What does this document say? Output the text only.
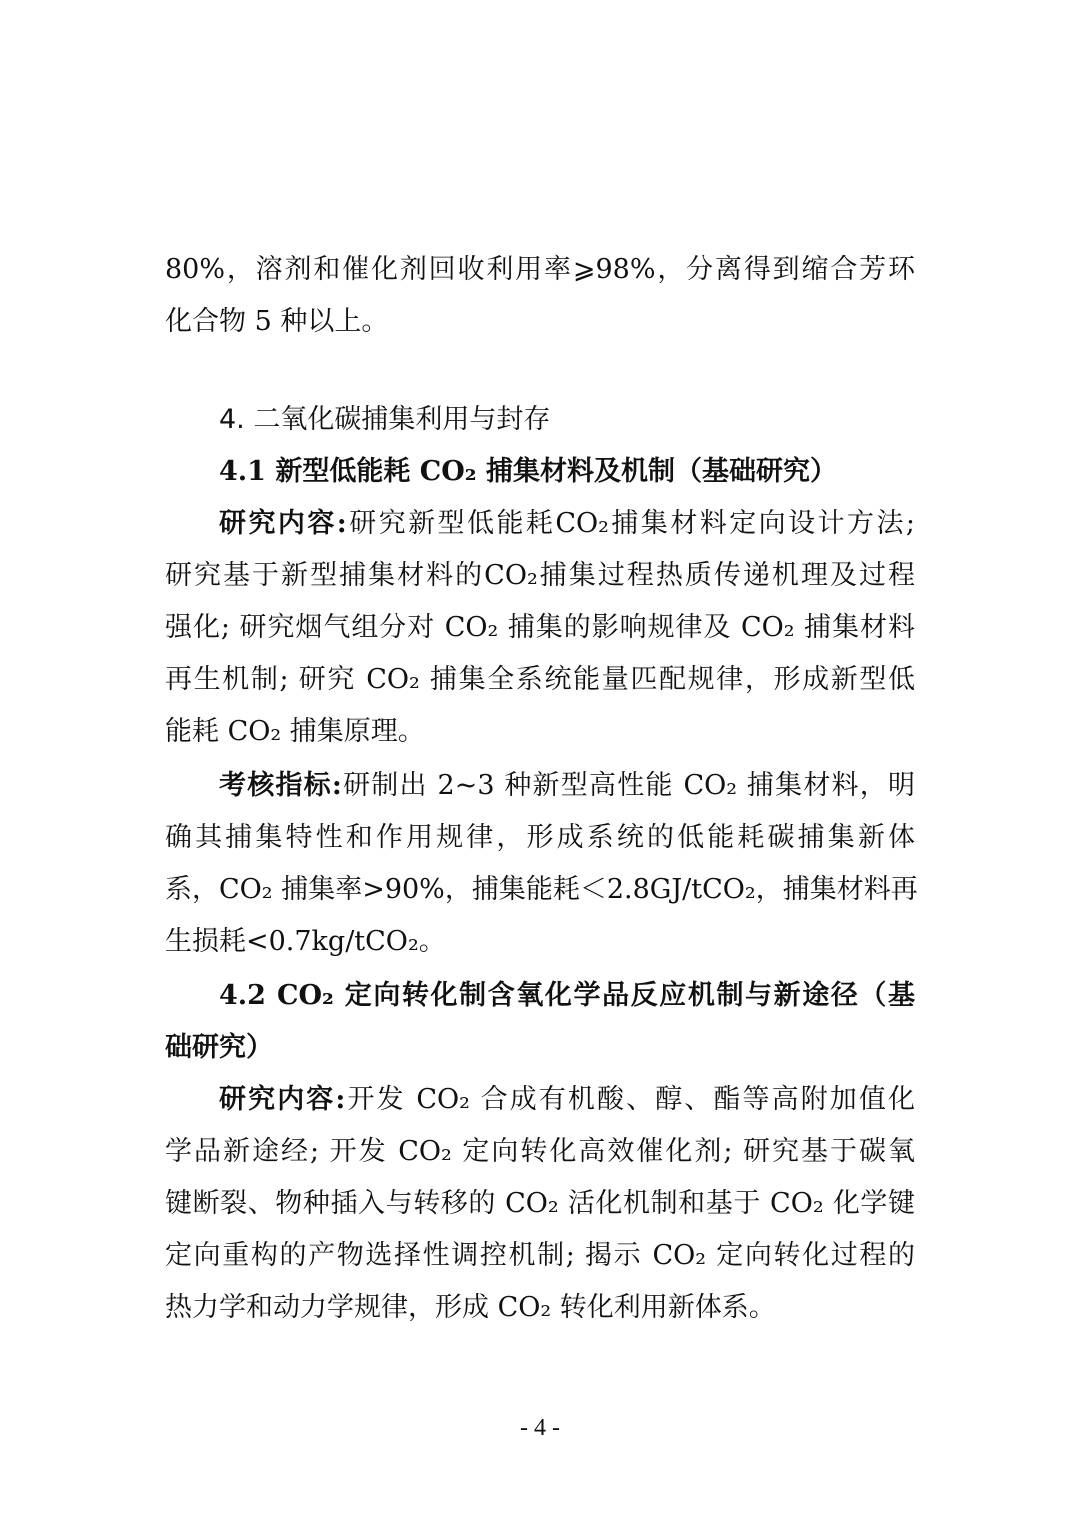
80%，溶剂和催化剂回收利用率⩾98%，分离得到缩合芳环
化合物 5 种以上。
4. 二氧化碳捕集利用与封存
4.1 新型低能耗 CO₂ 捕集材料及机制（基础研究）
研究内容:研究新型低能耗CO₂捕集材料定向设计方法;
研究基于新型捕集材料的CO₂捕集过程热质传递机理及过程
强化; 研究烟气组分对 CO₂ 捕集的影响规律及 CO₂ 捕集材料
再生机制; 研究 CO₂ 捕集全系统能量匹配规律，形成新型低
能耗 CO₂ 捕集原理。
考核指标:研制出 2~3 种新型高性能 CO₂ 捕集材料，明
确其捕集特性和作用规律，形成系统的低能耗碳捕集新体
系，CO₂ 捕集率>90%，捕集能耗＜2.8GJ/tCO₂，捕集材料再
生损耗<0.7kg/tCO₂。
4.2 CO₂ 定向转化制含氧化学品反应机制与新途径（基
础研究）
研究内容:开发 CO₂ 合成有机酸、醇、酯等高附加值化
学品新途经; 开发 CO₂ 定向转化高效催化剂; 研究基于碳氧
键断裂、物种插入与转移的 CO₂ 活化机制和基于 CO₂ 化学键
定向重构的产物选择性调控机制; 揭示 CO₂ 定向转化过程的
热力学和动力学规律，形成 CO₂ 转化利用新体系。
- 4 -
